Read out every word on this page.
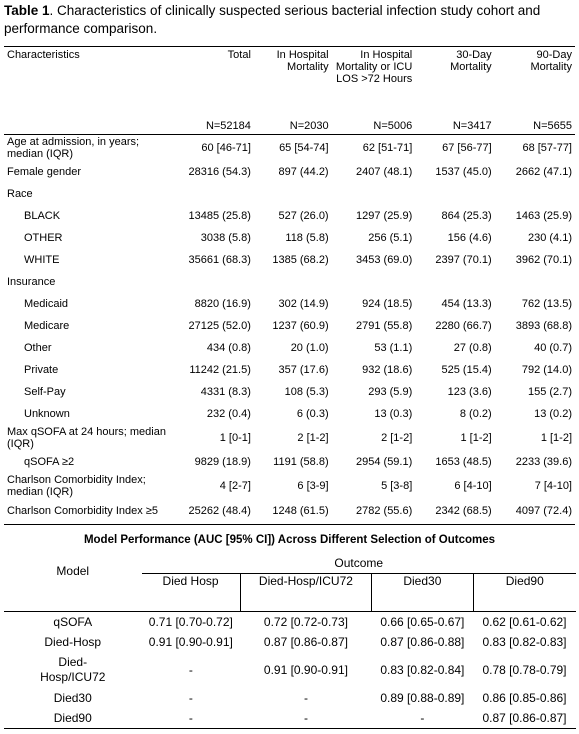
Table 1. Characteristics of clinically suspected serious bacterial infection study cohort and performance comparison.
Characteristics	Total	In Hospital Mortality	In Hospital Mortality or ICU LOS >72 Hours	30-Day Mortality	90-Day Mortality
	N=52184	N=2030	N=5006	N=3417	N=5655
Age at admission, in years; median (IQR)	60 [46-71]	65 [54-74]	62 [51-71]	67 [56-77]	68 [57-77]
Female gender	28316 (54.3)	897 (44.2)	2407 (48.1)	1537 (45.0)	2662 (47.1)
Race					
BLACK	13485 (25.8)	527 (26.0)	1297 (25.9)	864 (25.3)	1463 (25.9)
OTHER	3038 (5.8)	118 (5.8)	256 (5.1)	156 (4.6)	230 (4.1)
WHITE	35661 (68.3)	1385 (68.2)	3453 (69.0)	2397 (70.1)	3962 (70.1)
Insurance					
Medicaid	8820 (16.9)	302 (14.9)	924 (18.5)	454 (13.3)	762 (13.5)
Medicare	27125 (52.0)	1237 (60.9)	2791 (55.8)	2280 (66.7)	3893 (68.8)
Other	434 (0.8)	20 (1.0)	53 (1.1)	27 (0.8)	40 (0.7)
Private	11242 (21.5)	357 (17.6)	932 (18.6)	525 (15.4)	792 (14.0)
Self-Pay	4331 (8.3)	108 (5.3)	293 (5.9)	123 (3.6)	155 (2.7)
Unknown	232 (0.4)	6 (0.3)	13 (0.3)	8 (0.2)	13 (0.2)
Max qSOFA at 24 hours; median (IQR)	1 [0-1]	2 [1-2]	2 [1-2]	1 [1-2]	1 [1-2]
qSOFA ≥2	9829 (18.9)	1191 (58.8)	2954 (59.1)	1653 (48.5)	2233 (39.6)
Charlson Comorbidity Index; median (IQR)	4 [2-7]	6 [3-9]	5 [3-8]	6 [4-10]	7 [4-10]
Charlson Comorbidity Index ≥5	25262 (48.4)	1248 (61.5)	2782 (55.6)	2342 (68.5)	4097 (72.4)
Model Performance (AUC [95% CI]) Across Different Selection of Outcomes
	Outcome			
Model	Died Hosp	Died-Hosp/ICU72	Died30	Died90
qSOFA	0.71 [0.70-0.72]	0.72 [0.72-0.73]	0.66 [0.65-0.67]	0.62 [0.61-0.62]
Died-Hosp	0.91 [0.90-0.91]	0.87 [0.86-0.87]	0.87 [0.86-0.88]	0.83 [0.82-0.83]
Died-Hosp/ICU72	-	0.91 [0.90-0.91]	0.83 [0.82-0.84]	0.78 [0.78-0.79]
Died30	-	-	0.89 [0.88-0.89]	0.86 [0.85-0.86]
Died90	-	-	-	0.87 [0.86-0.87]
